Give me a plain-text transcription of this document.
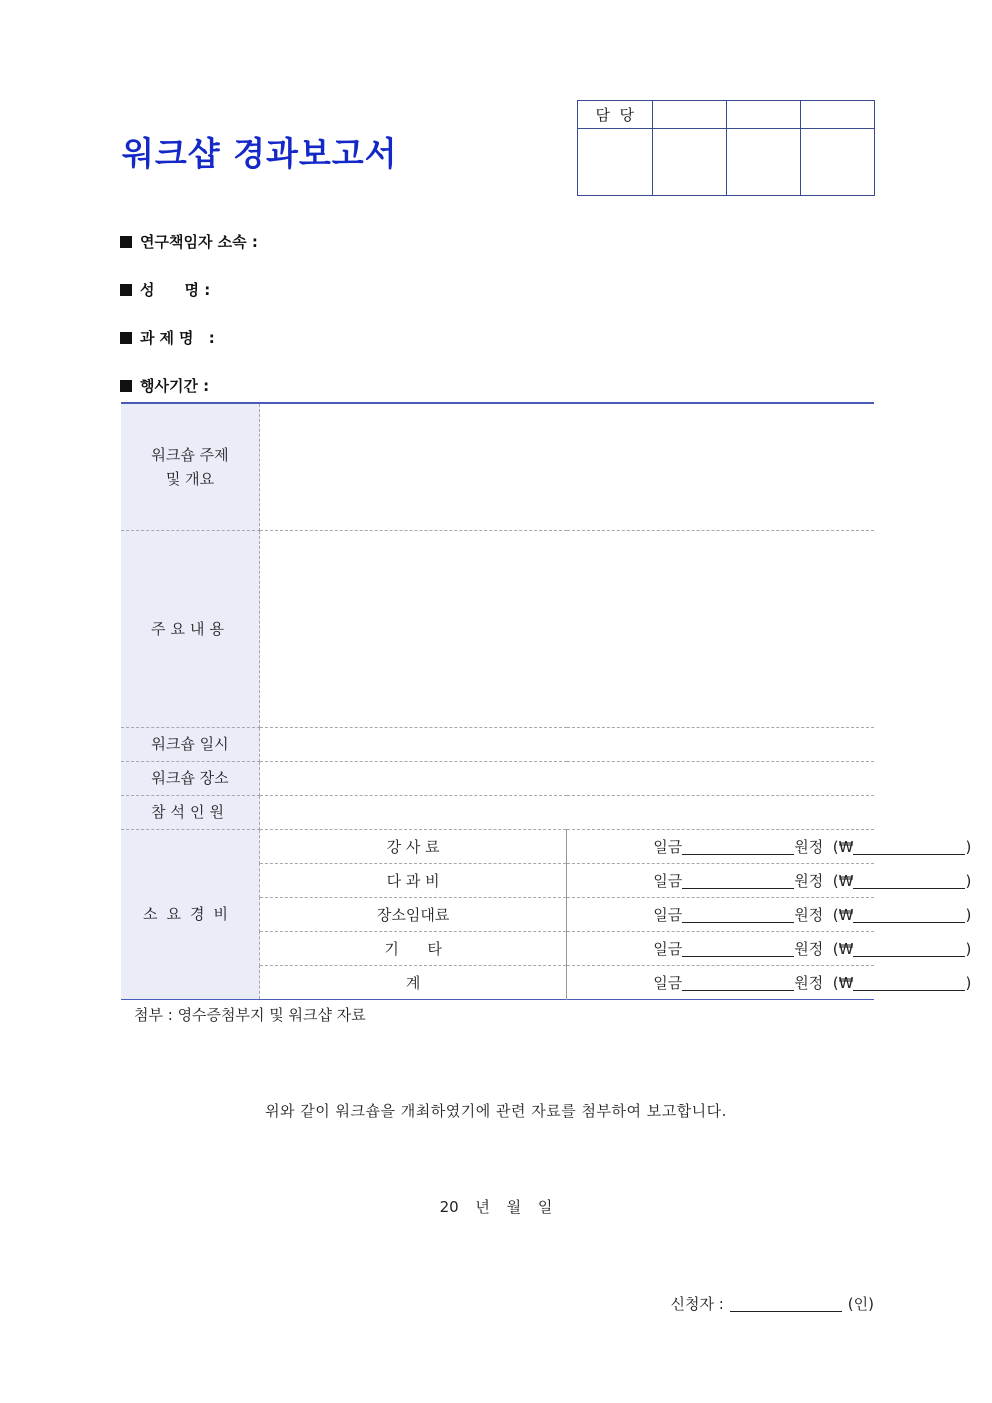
워크샵 경과보고서
담  당			

연구책임자 소속 :
성 명 :
과제명 :
행사기간 :
워크숍 주제
및 개요		

주요내용		
워크숍 일시		
워크숍 장소		
참석인원		
소요경비	강 사 료	일금 원정 (₩ )
	다 과 비	일금 원정 (₩ )
	장소임대료	일금 원정 (₩ )
	기      타	일금 원정 (₩ )
	계	일금 원정 (₩ )
첨부 : 영수증첨부지 및 워크샵 자료
위와 같이 워크숍을 개최하였기에 관련 자료를 첨부하여 보고합니다.
20 년 월 일
신청자 :	(인)
